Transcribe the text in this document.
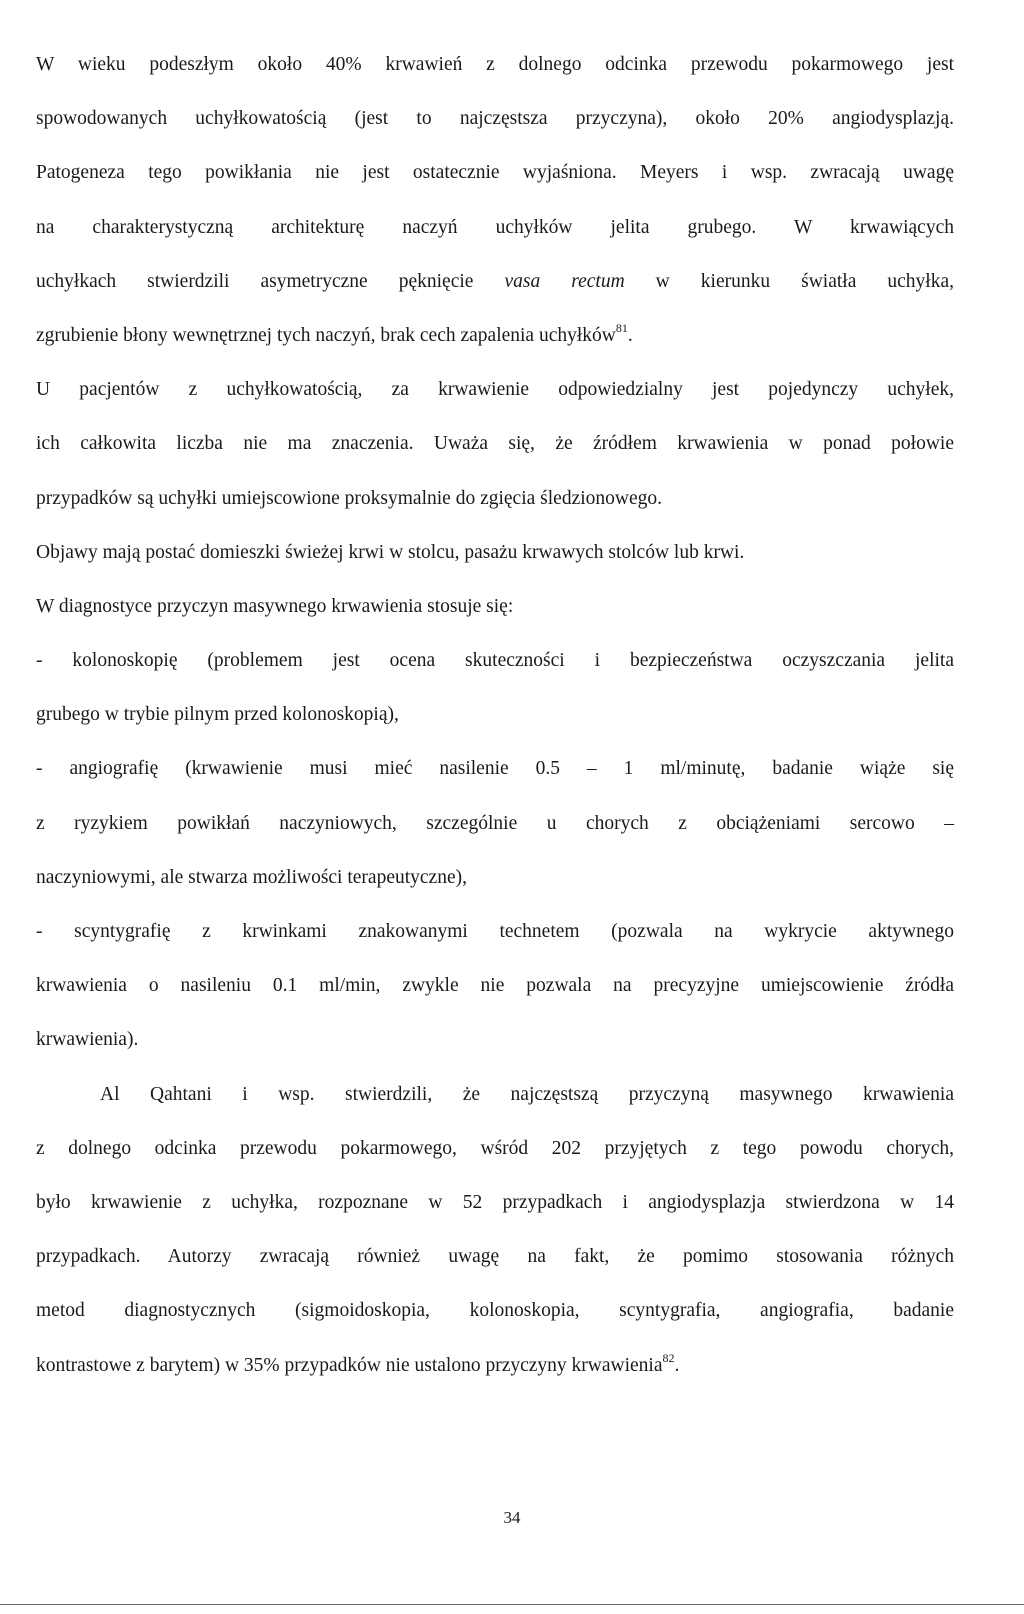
W wieku podeszłym około 40% krwawień z dolnego odcinka przewodu pokarmowego jest
spowodowanych uchyłkowatością (jest to najczęstsza przyczyna), około 20% angiodysplazją.
Patogeneza tego powikłania nie jest ostatecznie wyjaśniona. Meyers i wsp. zwracają uwagę
na charakterystyczną architekturę naczyń uchyłków jelita grubego. W krwawiących
uchyłkach stwierdzili asymetryczne pęknięcie vasa rectum w kierunku światła uchyłka,
zgrubienie błony wewnętrznej tych naczyń, brak cech zapalenia uchyłków$^{81}$.
U pacjentów z uchyłkowatością, za krwawienie odpowiedzialny jest pojedynczy uchyłek,
ich całkowita liczba nie ma znaczenia. Uważa się, że źródłem krwawienia w ponad połowie
przypadków są uchyłki umiejscowione proksymalnie do zgięcia śledzionowego.
Objawy mają postać domieszki świeżej krwi w stolcu, pasażu krwawych stolców lub krwi.
W diagnostyce przyczyn masywnego krwawienia stosuje się:
- kolonoskopię (problemem jest ocena skuteczności i bezpieczeństwa oczyszczania jelita
grubego w trybie pilnym przed kolonoskopią),
- angiografię (krwawienie musi mieć nasilenie 0.5 – 1 ml/minutę, badanie wiąże się
z ryzykiem powikłań naczyniowych, szczególnie u chorych z obciążeniami sercowo –
naczyniowymi, ale stwarza możliwości terapeutyczne),
- scyntygrafię z krwinkami znakowanymi technetem (pozwala na wykrycie aktywnego
krwawienia o nasileniu 0.1 ml/min, zwykle nie pozwala na precyzyjne umiejscowienie źródła
krwawienia).
Al Qahtani i wsp. stwierdzili, że najczęstszą przyczyną masywnego krwawienia
z dolnego odcinka przewodu pokarmowego, wśród 202 przyjętych z tego powodu chorych,
było krwawienie z uchyłka, rozpoznane w 52 przypadkach i angiodysplazja stwierdzona w 14
przypadkach. Autorzy zwracają również uwagę na fakt, że pomimo stosowania różnych
metod diagnostycznych (sigmoidoskopia, kolonoskopia, scyntygrafia, angiografia, badanie
kontrastowe z barytem) w 35% przypadków nie ustalono przyczyny krwawienia$^{82}$.
34
